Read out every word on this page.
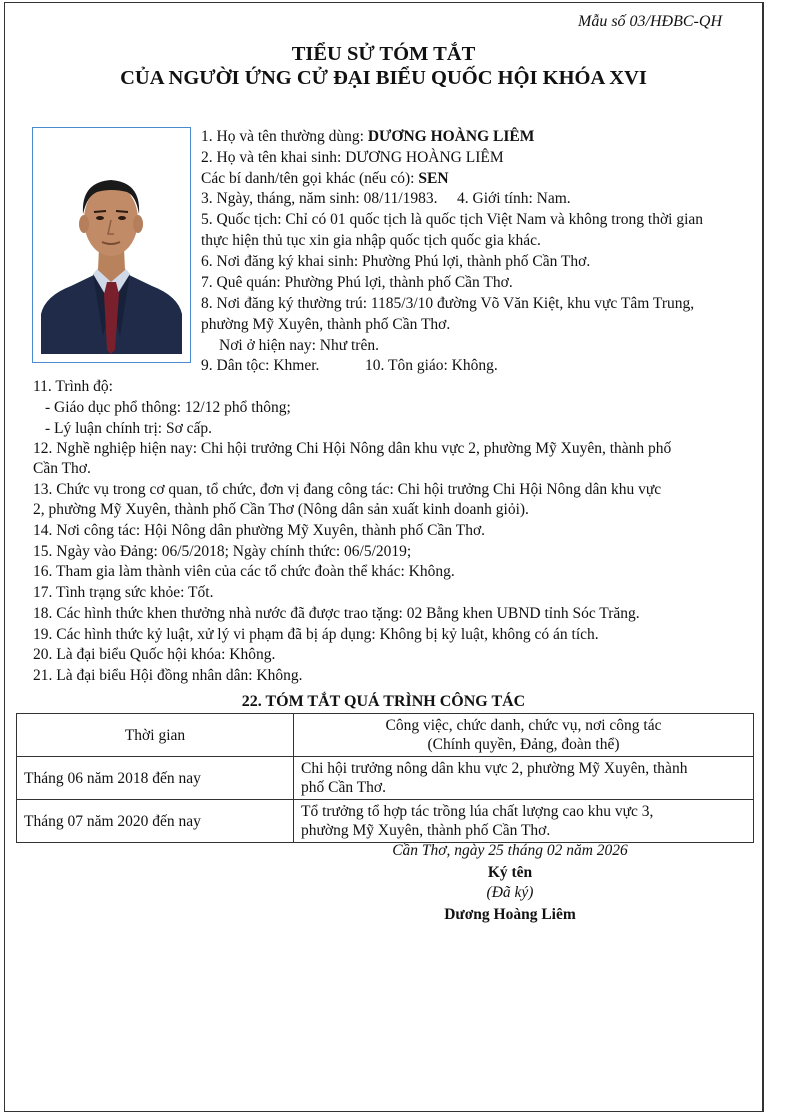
Mẫu số 03/HĐBC-QH
TIỂU SỬ TÓM TẮT
CỦA NGƯỜI ỨNG CỬ ĐẠI BIỂU QUỐC HỘI KHÓA XVI
1. Họ và tên thường dùng: DƯƠNG HOÀNG LIÊM
2. Họ và tên khai sinh: DƯƠNG HOÀNG LIÊM
Các bí danh/tên gọi khác (nếu có): SEN
3. Ngày, tháng, năm sinh: 08/11/1983. 4. Giới tính: Nam.
5. Quốc tịch: Chỉ có 01 quốc tịch là quốc tịch Việt Nam và không trong thời gian
thực hiện thủ tục xin gia nhập quốc tịch quốc gia khác.
6. Nơi đăng ký khai sinh: Phường Phú lợi, thành phố Cần Thơ.
7. Quê quán: Phường Phú lợi, thành phố Cần Thơ.
8. Nơi đăng ký thường trú: 1185/3/10 đường Võ Văn Kiệt, khu vực Tâm Trung,
phường Mỹ Xuyên, thành phố Cần Thơ.
Nơi ở hiện nay: Như trên.
9. Dân tộc: Khmer.	10. Tôn giáo: Không.
11. Trình độ:
- Giáo dục phổ thông: 12/12 phổ thông;
- Lý luận chính trị: Sơ cấp.
12. Nghề nghiệp hiện nay: Chi hội trưởng Chi Hội Nông dân khu vực 2, phường Mỹ Xuyên, thành phố
Cần Thơ.
13. Chức vụ trong cơ quan, tổ chức, đơn vị đang công tác: Chi hội trưởng Chi Hội Nông dân khu vực
2, phường Mỹ Xuyên, thành phố Cần Thơ (Nông dân sản xuất kinh doanh giỏi).
14. Nơi công tác: Hội Nông dân phường Mỹ Xuyên, thành phố Cần Thơ.
15. Ngày vào Đảng: 06/5/2018; Ngày chính thức: 06/5/2019;
16. Tham gia làm thành viên của các tổ chức đoàn thể khác: Không.
17. Tình trạng sức khỏe: Tốt.
18. Các hình thức khen thưởng nhà nước đã được trao tặng: 02 Bằng khen UBND tỉnh Sóc Trăng.
19. Các hình thức kỷ luật, xử lý vi phạm đã bị áp dụng: Không bị kỷ luật, không có án tích.
20. Là đại biểu Quốc hội khóa: Không.
21. Là đại biểu Hội đồng nhân dân: Không.
22. TÓM TẮT QUÁ TRÌNH CÔNG TÁC
Thời gian	Công việc, chức danh, chức vụ, nơi công tác
(Chính quyền, Đảng, đoàn thể)

Tháng 06 năm 2018 đến nay	Chi hội trưởng nông dân khu vực 2, phường Mỹ Xuyên, thành
phố Cần Thơ.

Tháng 07 năm 2020 đến nay	Tổ trưởng tổ hợp tác trồng lúa chất lượng cao khu vực 3,
phường Mỹ Xuyên, thành phố Cần Thơ.
Cần Thơ, ngày 25 tháng 02 năm 2026
Ký tên
(Đã ký)
Dương Hoàng Liêm
